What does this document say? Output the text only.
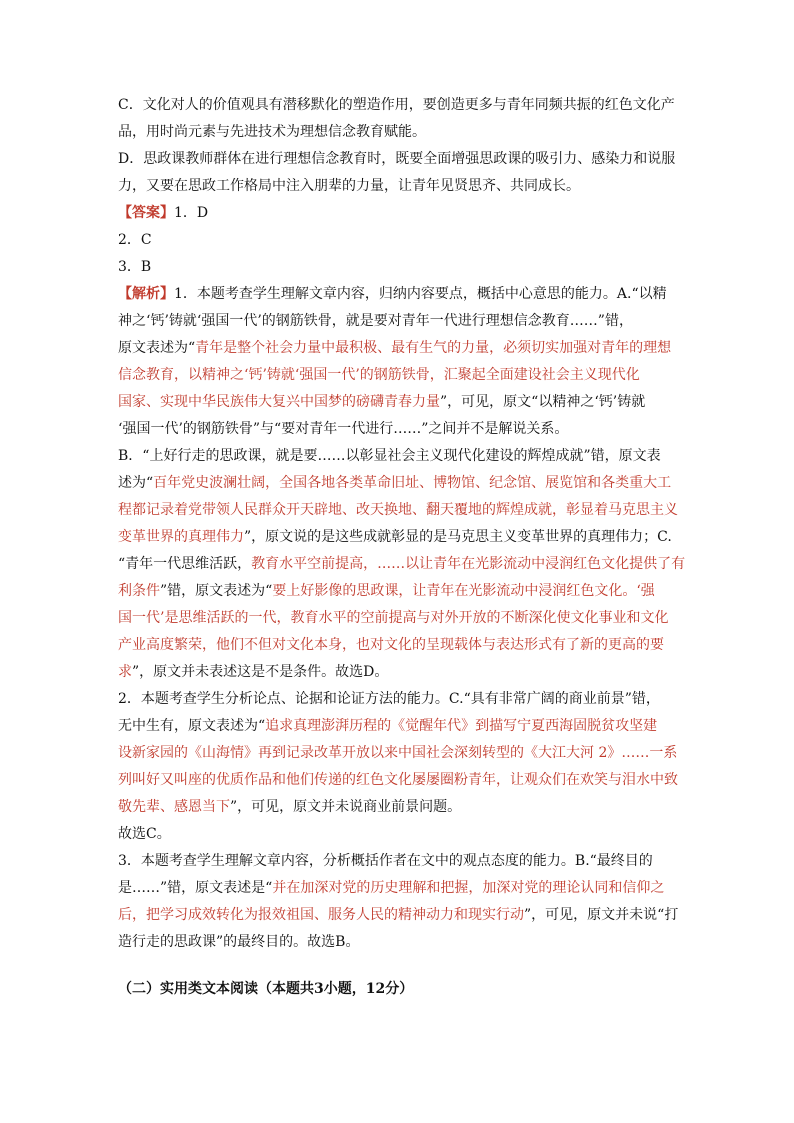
C．文化对人的价值观具有潜移默化的塑造作用，要创造更多与青年同频共振的红色文化产

品，用时尚元素与先进技术为理想信念教育赋能。

D．思政课教师群体在进行理想信念教育时，既要全面增强思政课的吸引力、感染力和说服

力，又要在思政工作格局中注入朋辈的力量，让青年见贤思齐、共同成长。

【答案】1．D

2．C

3．B

【解析】1．本题考查学生理解文章内容，归纳内容要点，概括中心意思的能力。A.“以精

神之‘钙’铸就‘强国一代’的钢筋铁骨，就是要对青年一代进行理想信念教育……”错，

原文表述为“青年是整个社会力量中最积极、最有生气的力量，必须切实加强对青年的理想

信念教育，以精神之‘钙’铸就‘强国一代’的钢筋铁骨，汇聚起全面建设社会主义现代化

国家、实现中华民族伟大复兴中国梦的磅礴青春力量”，可见，原文“以精神之‘钙’铸就

‘强国一代’的钢筋铁骨”与“要对青年一代进行……”之间并不是解说关系。

B．“上好行走的思政课，就是要……以彰显社会主义现代化建设的辉煌成就”错，原文表

述为“百年党史波澜壮阔，全国各地各类革命旧址、博物馆、纪念馆、展览馆和各类重大工

程都记录着党带领人民群众开天辟地、改天换地、翻天覆地的辉煌成就，彰显着马克思主义

变革世界的真理伟力”，原文说的是这些成就彰显的是马克思主义变革世界的真理伟力；C.

“青年一代思维活跃，教育水平空前提高，……以让青年在光影流动中浸润红色文化提供了有

利条件”错，原文表述为“要上好影像的思政课，让青年在光影流动中浸润红色文化。‘强

国一代’是思维活跃的一代，教育水平的空前提高与对外开放的不断深化使文化事业和文化

产业高度繁荣，他们不但对文化本身，也对文化的呈现载体与表达形式有了新的更高的要

求”，原文并未表述这是不是条件。故选D。

2．本题考查学生分析论点、论据和论证方法的能力。C.“具有非常广阔的商业前景”错，

无中生有，原文表述为“追求真理澎湃历程的《觉醒年代》到描写宁夏西海固脱贫攻坚建

设新家园的《山海情》再到记录改革开放以来中国社会深刻转型的《大江大河 2》……一系

列叫好又叫座的优质作品和他们传递的红色文化屡屡圈粉青年，让观众们在欢笑与泪水中致

敬先辈、感恩当下”，可见，原文并未说商业前景问题。

故选C。

3．本题考查学生理解文章内容，分析概括作者在文中的观点态度的能力。B.“最终目的

是……”错，原文表述是“并在加深对党的历史理解和把握，加深对党的理论认同和信仰之

后，把学习成效转化为报效祖国、服务人民的精神动力和现实行动”，可见，原文并未说“打

造行走的思政课”的最终目的。故选B。

（二）实用类文本阅读（本题共3小题，12分）
